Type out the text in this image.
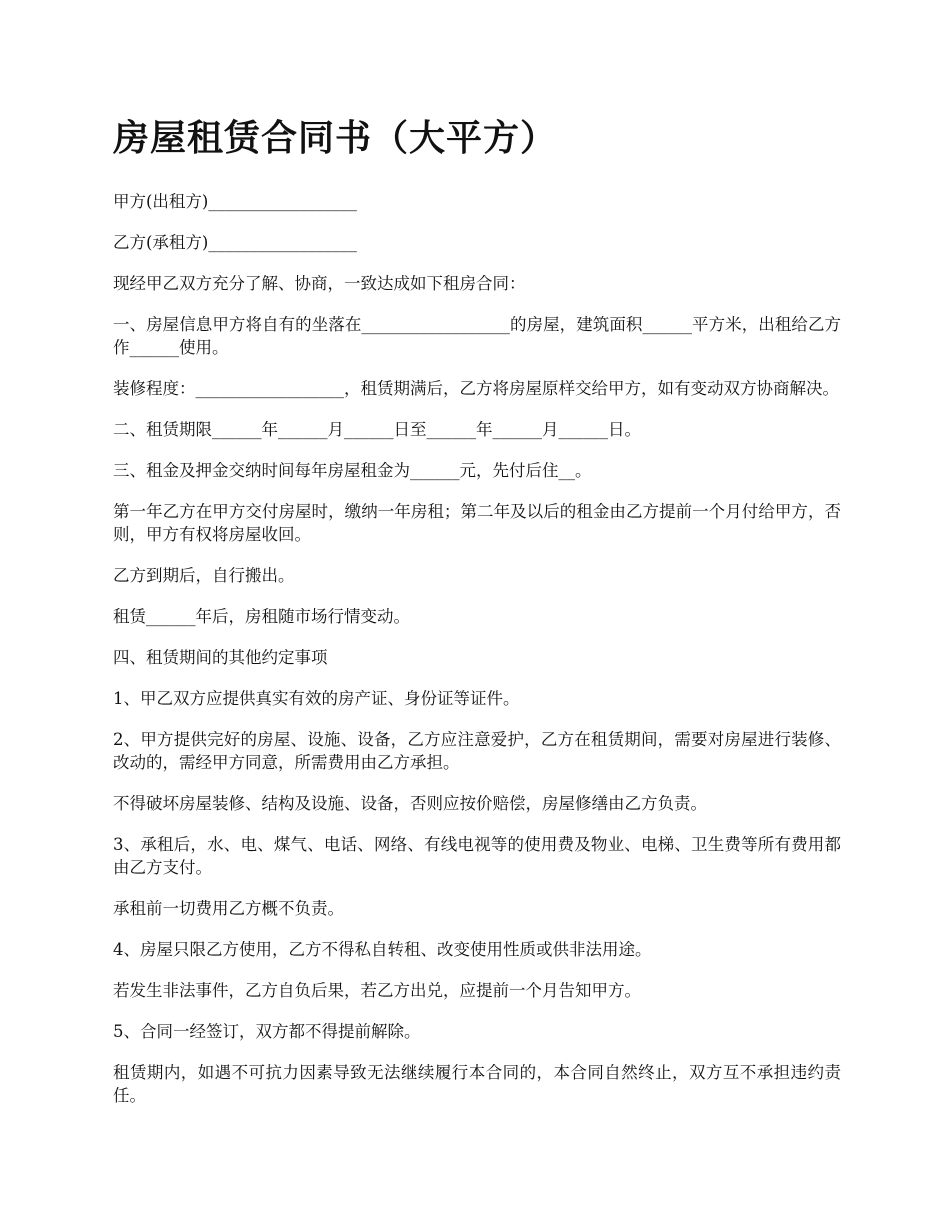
房屋租赁合同书（大平方）

甲方(出租方)__________________

乙方(承租方)__________________

现经甲乙双方充分了解、协商，一致达成如下租房合同：

一、房屋信息甲方将自有的坐落在__________________的房屋，建筑面积______平方米，出租给乙方作______使用。

装修程度：__________________，租赁期满后，乙方将房屋原样交给甲方，如有变动双方协商解决。

二、租赁期限______年______月______日至______年______月______日。

三、租金及押金交纳时间每年房屋租金为______元，先付后住__。

第一年乙方在甲方交付房屋时，缴纳一年房租；第二年及以后的租金由乙方提前一个月付给甲方，否则，甲方有权将房屋收回。

乙方到期后，自行搬出。

租赁______年后，房租随市场行情变动。

四、租赁期间的其他约定事项

1、甲乙双方应提供真实有效的房产证、身份证等证件。

2、甲方提供完好的房屋、设施、设备，乙方应注意爱护，乙方在租赁期间，需要对房屋进行装修、改动的，需经甲方同意，所需费用由乙方承担。

不得破坏房屋装修、结构及设施、设备，否则应按价赔偿，房屋修缮由乙方负责。

3、承租后，水、电、煤气、电话、网络、有线电视等的使用费及物业、电梯、卫生费等所有费用都由乙方支付。

承租前一切费用乙方概不负责。

4、房屋只限乙方使用，乙方不得私自转租、改变使用性质或供非法用途。

若发生非法事件，乙方自负后果，若乙方出兑，应提前一个月告知甲方。

5、合同一经签订，双方都不得提前解除。

租赁期内，如遇不可抗力因素导致无法继续履行本合同的，本合同自然终止，双方互不承担违约责任。
